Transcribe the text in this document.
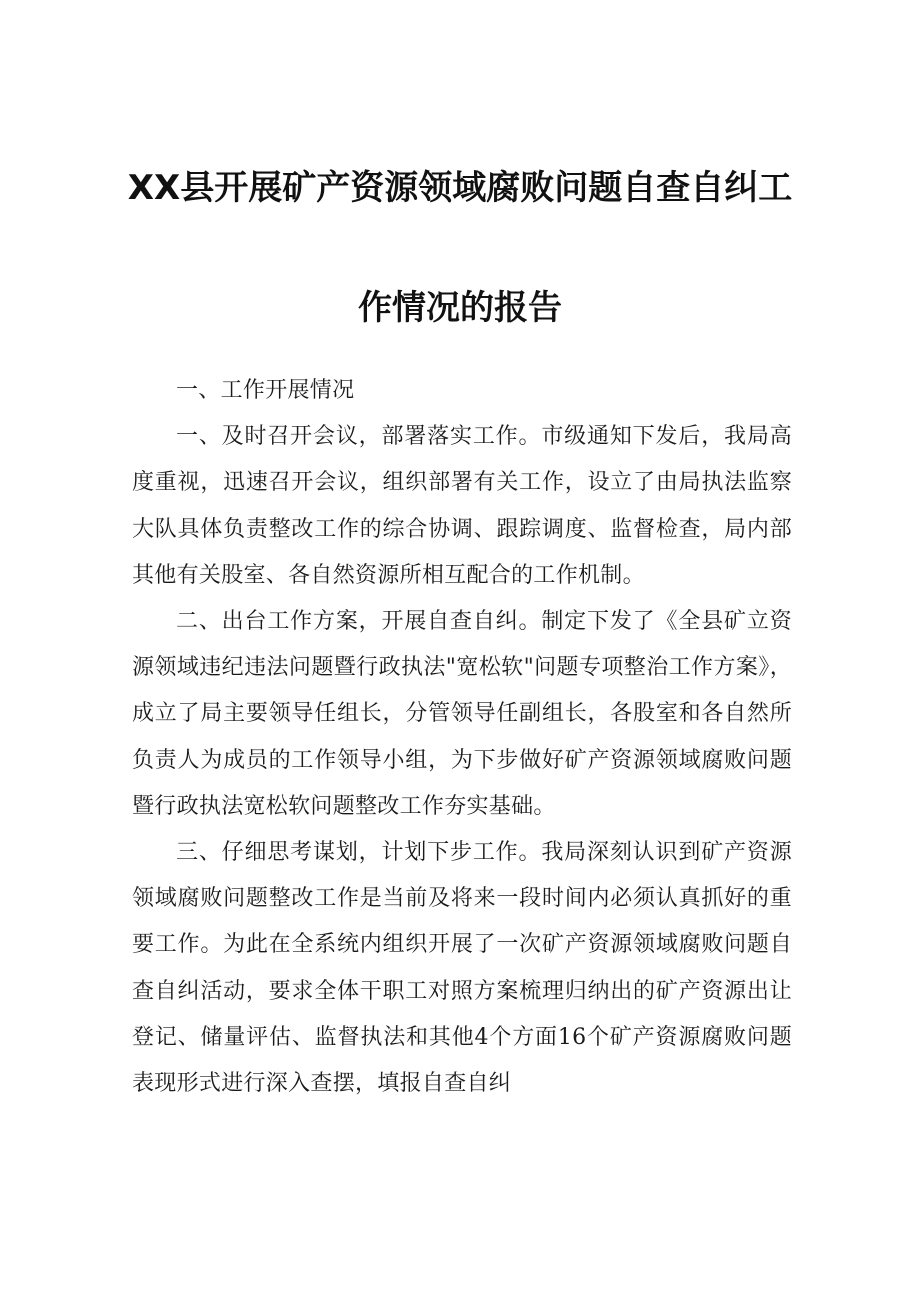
XX县开展矿产资源领域腐败问题自查自纠工
作情况的报告

一、工作开展情况

一、及时召开会议，部署落实工作。市级通知下发后，我局高度重视，迅速召开会议，组织部署有关工作，设立了由局执法监察大队具体负责整改工作的综合协调、跟踪调度、监督检查，局内部其他有关股室、各自然资源所相互配合的工作机制。

二、出台工作方案，开展自查自纠。制定下发了《全县矿立资源领域违纪违法问题暨行政执法"宽松软"问题专项整治工作方案》，成立了局主要领导任组长，分管领导任副组长，各股室和各自然所负责人为成员的工作领导小组，为下步做好矿产资源领域腐败问题暨行政执法宽松软问题整改工作夯实基础。

三、仔细思考谋划，计划下步工作。我局深刻认识到矿产资源领域腐败问题整改工作是当前及将来一段时间内必须认真抓好的重要工作。为此在全系统内组织开展了一次矿产资源领域腐败问题自查自纠活动，要求全体干职工对照方案梳理归纳出的矿产资源出让登记、储量评估、监督执法和其他4个方面16个矿产资源腐败问题表现形式进行深入查摆，填报自查自纠
